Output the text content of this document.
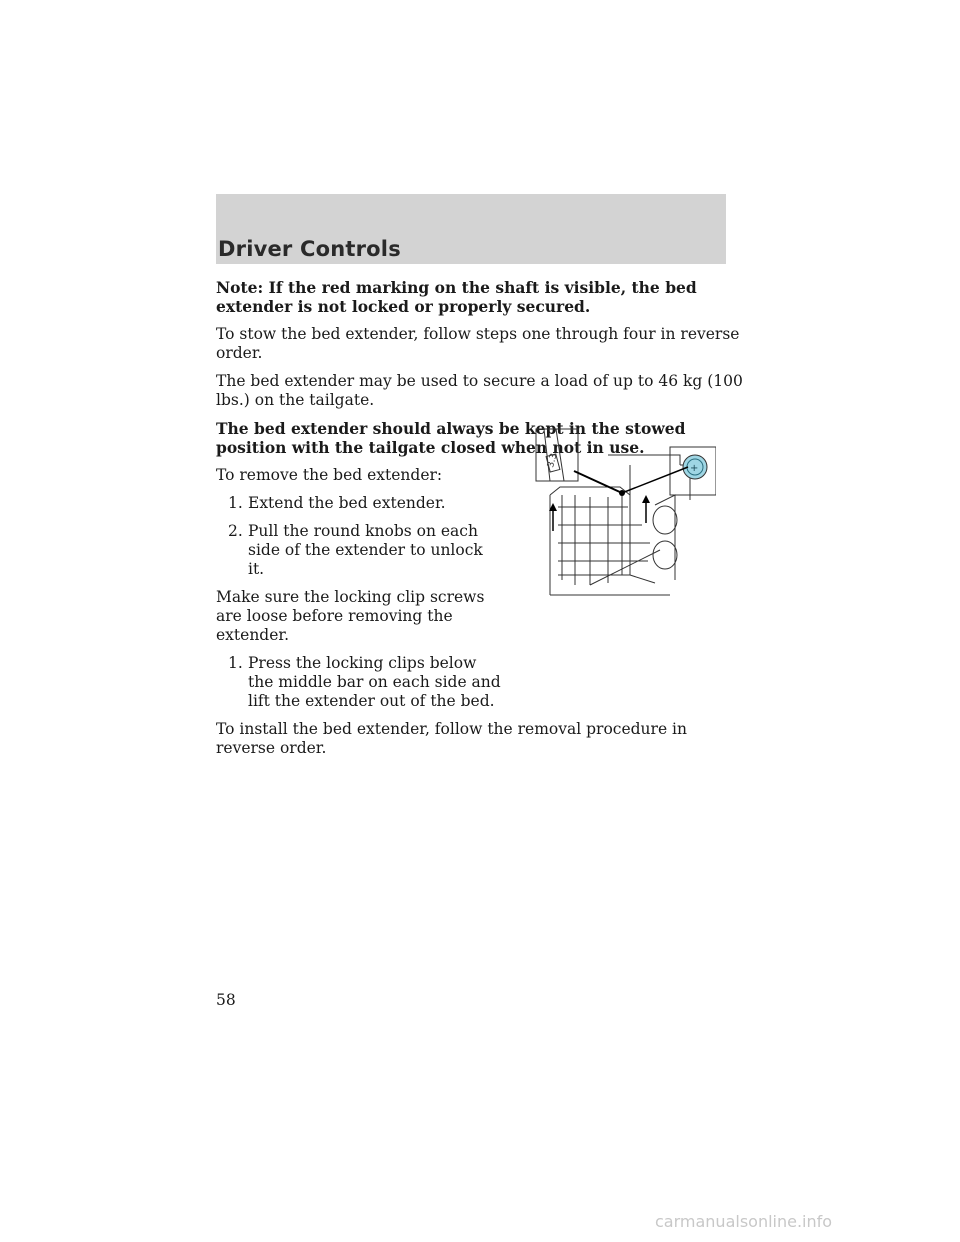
Driver Controls

Note: If the red marking on the shaft is visible, the bed extender is not locked or properly secured.

To stow the bed extender, follow steps one through four in reverse order.

The bed extender may be used to secure a load of up to 46 kg (100 lbs.) on the tailgate.

The bed extender should always be kept in the stowed position with the tailgate closed when not in use.

To remove the bed extender:

1. Extend the bed extender.
2. Pull the round knobs on each side of the extender to unlock it.

Make sure the locking clip screws are loose before removing the extender.

1. Press the locking clips below the middle bar on each side and lift the extender out of the bed.

To install the bed extender, follow the removal procedure in reverse order.

3.3	+
58
carmanualsonline.info
